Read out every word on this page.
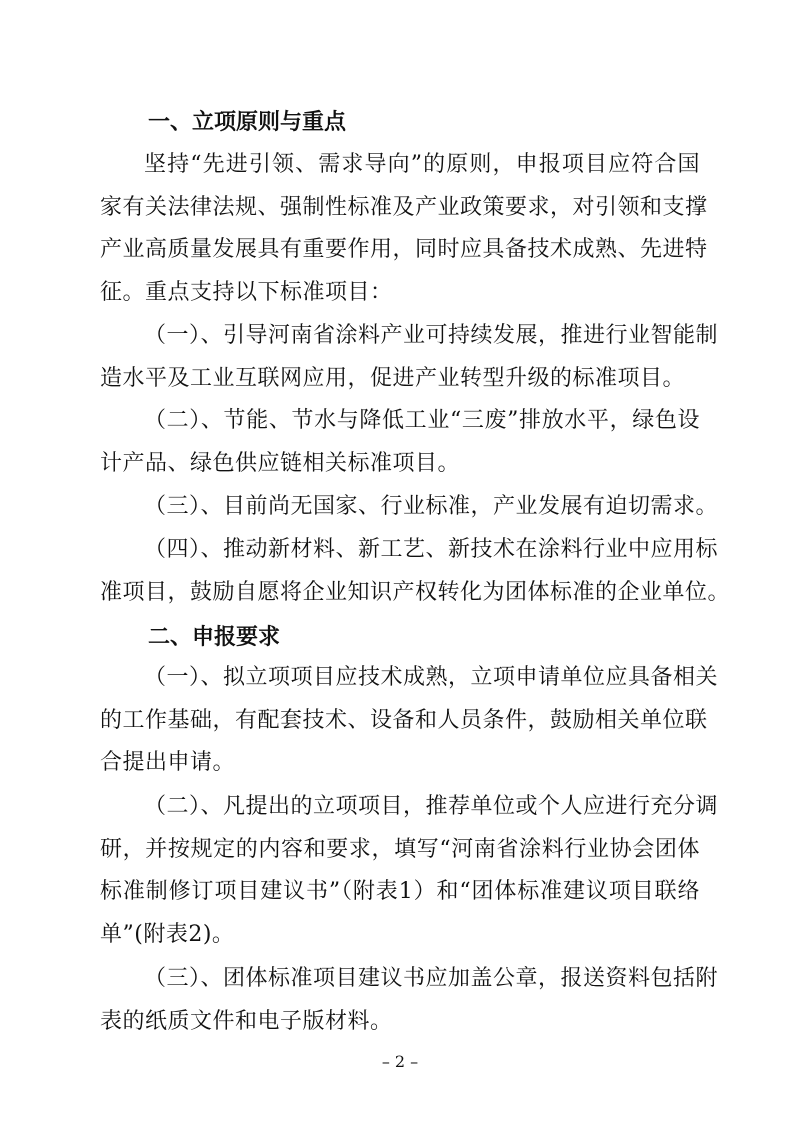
一、立项原则与重点
坚持“先进引领、需求导向”的原则，申报项目应符合国
家有关法律法规、强制性标准及产业政策要求，对引领和支撑
产业高质量发展具有重要作用，同时应具备技术成熟、先进特
征。重点支持以下标准项目：
（一）、引导河南省涂料产业可持续发展，推进行业智能制
造水平及工业互联网应用，促进产业转型升级的标准项目。
（二）、节能、节水与降低工业“三废”排放水平，绿色设
计产品、绿色供应链相关标准项目。
（三）、目前尚无国家、行业标准，产业发展有迫切需求。
（四）、推动新材料、新工艺、新技术在涂料行业中应用标
准项目，鼓励自愿将企业知识产权转化为团体标准的企业单位。
二、申报要求
（一）、拟立项项目应技术成熟，立项申请单位应具备相关
的工作基础，有配套技术、设备和人员条件，鼓励相关单位联
合提出申请。
（二）、凡提出的立项项目，推荐单位或个人应进行充分调
研，并按规定的内容和要求，填写“河南省涂料行业协会团体
标准制修订项目建议书”（附表1）和“团体标准建议项目联络
单”(附表2)。
（三）、团体标准项目建议书应加盖公章，报送资料包括附
表的纸质文件和电子版材料。
– 2 –
